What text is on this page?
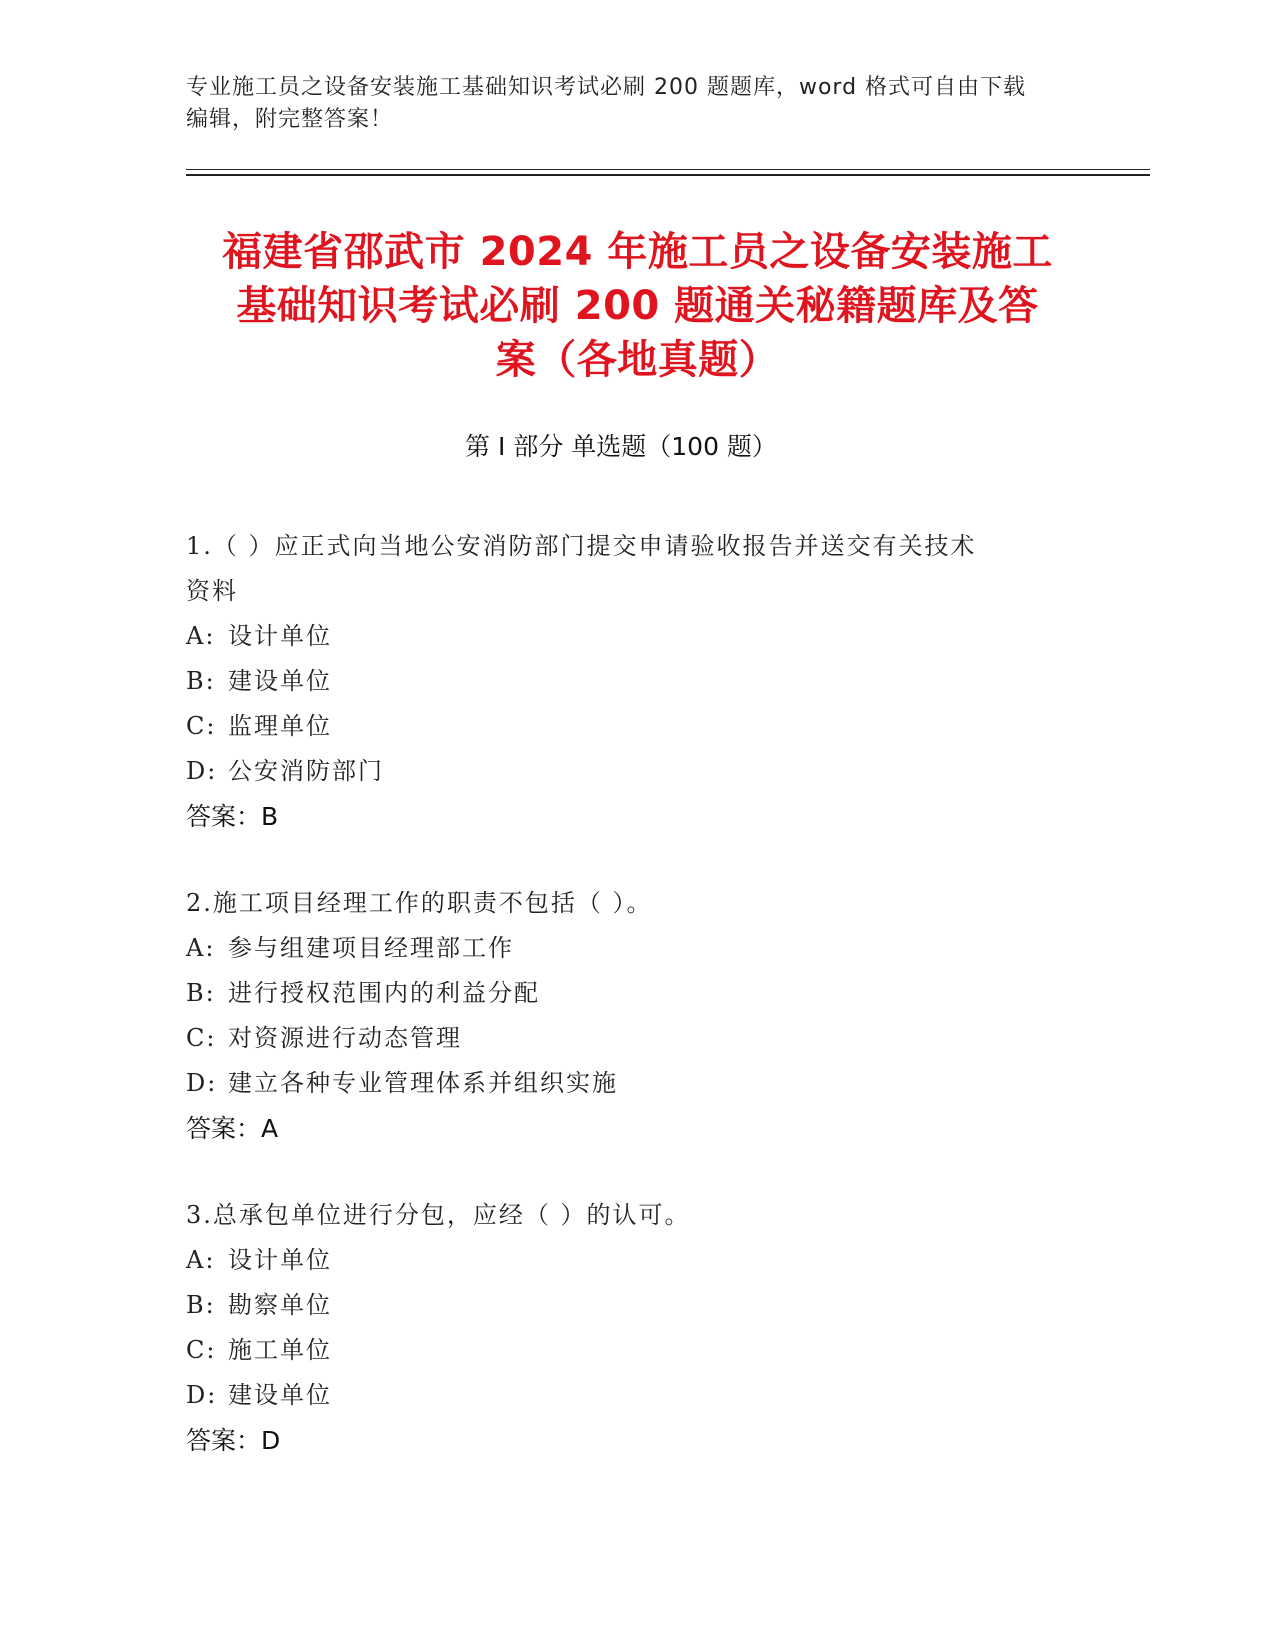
专业施工员之设备安装施工基础知识考试必刷 200 题题库，word 格式可自由下载
编辑，附完整答案！
福建省邵武市 2024 年施工员之设备安装施工
基础知识考试必刷 200 题通关秘籍题库及答
案（各地真题）
第 I 部分 单选题（100 题）
1.（ ）应正式向当地公安消防部门提交申请验收报告并送交有关技术
资料
A: 设计单位
B: 建设单位
C: 监理单位
D: 公安消防部门
答案：B
2.施工项目经理工作的职责不包括（ ）。
A: 参与组建项目经理部工作
B: 进行授权范围内的利益分配
C: 对资源进行动态管理
D: 建立各种专业管理体系并组织实施
答案：A
3.总承包单位进行分包，应经（ ）的认可。
A: 设计单位
B: 勘察单位
C: 施工单位
D: 建设单位
答案：D
